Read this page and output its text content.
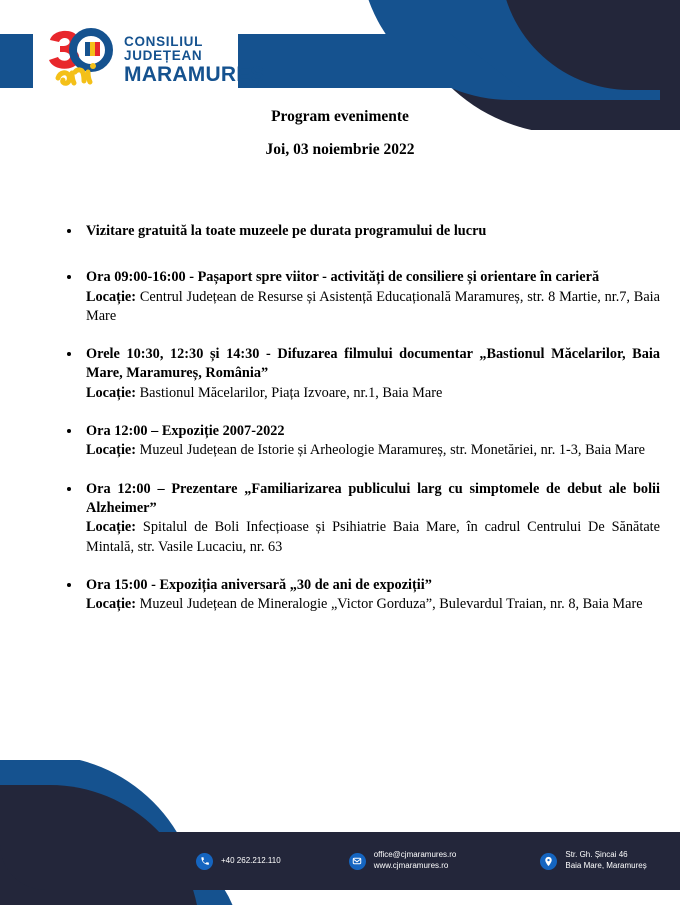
CONSILIUL JUDEȚEAN
MARAMUREȘ
Program evenimente
Joi, 03 noiembrie 2022

Vizitare gratuită la toate muzeele pe durata programului de lucru

Ora 09:00-16:00 - Pașaport spre viitor - activități de consiliere și orientare în carieră

Locație: Centrul Județean de Resurse și Asistență Educațională Maramureș, str. 8 Martie, nr.7, Baia Mare

Orele 10:30, 12:30 și 14:30 - Difuzarea filmului documentar „Bastionul Măcelarilor, Baia Mare, Maramureș, România”

Locație: Bastionul Măcelarilor, Piața Izvoare, nr.1, Baia Mare

Ora 12:00 – Expoziție 2007-2022

Locație: Muzeul Județean de Istorie și Arheologie Maramureș, str. Monetăriei, nr. 1-3, Baia Mare

Ora 12:00 – Prezentare „Familiarizarea publicului larg cu simptomele de debut ale bolii Alzheimer”

Locație: Spitalul de Boli Infecțioase și Psihiatrie Baia Mare, în cadrul Centrului De Sănătate Mintală, str. Vasile Lucaciu, nr. 63

Ora 15:00 - Expoziția aniversară „30 de ani de expoziții”

Locație: Muzeul Județean de Mineralogie „Victor Gorduza”, Bulevardul Traian, nr. 8, Baia Mare

+40 262.212.110
office@cjmaramures.ro
www.cjmaramures.ro
Str. Gh. Șincai 46
Baia Mare, Maramureș
